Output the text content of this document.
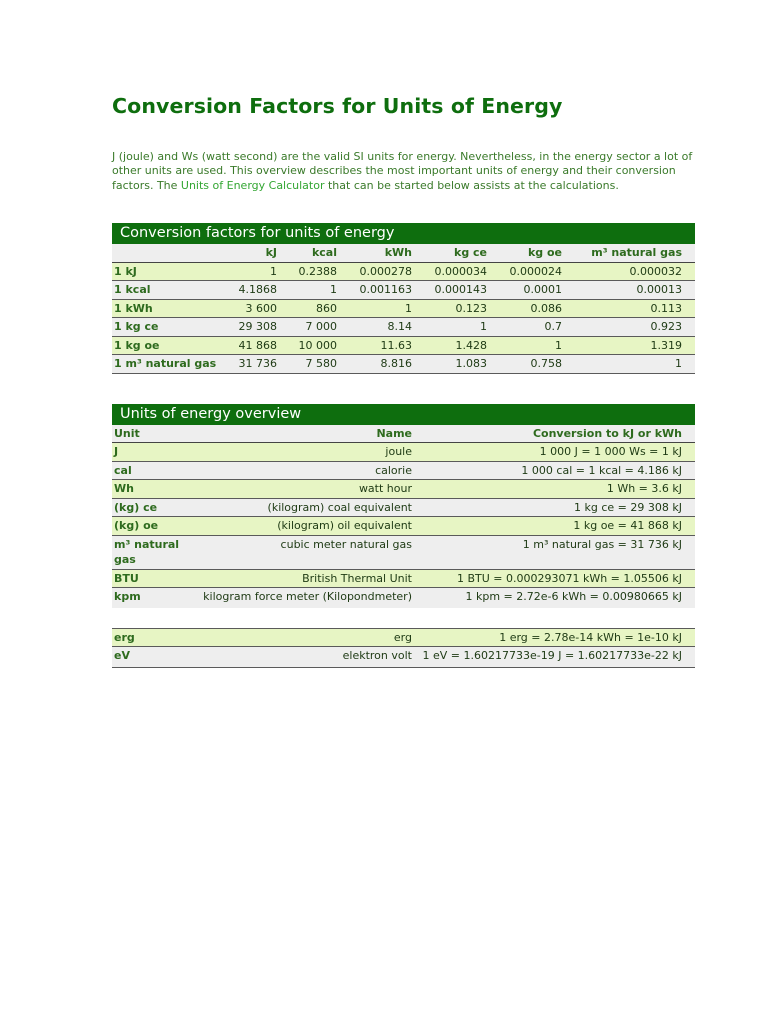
Conversion Factors for Units of Energy

J (joule) and Ws (watt second) are the valid SI units for energy. Nevertheless, in the energy sector a lot of other units are used. This overview describes the most important units of energy and their conversion factors. The Units of Energy Calculator that can be started below assists at the calculations.

Conversion factors for units of energy
	kJ	kcal	kWh	kg ce	kg oe	m³ natural gas
1 kJ	1	0.2388	0.000278	0.000034	0.000024	0.000032
1 kcal	4.1868	1	0.001163	0.000143	0.0001	0.00013
1 kWh	3 600	860	1	0.123	0.086	0.113
1 kg ce	29 308	7 000	8.14	1	0.7	0.923
1 kg oe	41 868	10 000	11.63	1.428	1	1.319
1 m³ natural gas	31 736	7 580	8.816	1.083	0.758	1
Units of energy overview
Unit	Name	Conversion to kJ or kWh
J	joule	1 000 J = 1 000 Ws = 1 kJ
cal	calorie	1 000 cal = 1 kcal = 4.186 kJ
Wh	watt hour	1 Wh = 3.6 kJ
(kg) ce	(kilogram) coal equivalent	1 kg ce = 29 308 kJ
(kg) oe	(kilogram) oil equivalent	1 kg oe = 41 868 kJ
m³ natural gas	cubic meter natural gas	1 m³ natural gas = 31 736 kJ
BTU	British Thermal Unit	1 BTU = 0.000293071 kWh = 1.05506 kJ
kpm	kilogram force meter (Kilopondmeter)	1 kpm = 2.72e-6 kWh = 0.00980665 kJ

erg	erg	1 erg = 2.78e-14 kWh = 1e-10 kJ
eV	elektron volt	1 eV = 1.60217733e-19 J = 1.60217733e-22 kJ
